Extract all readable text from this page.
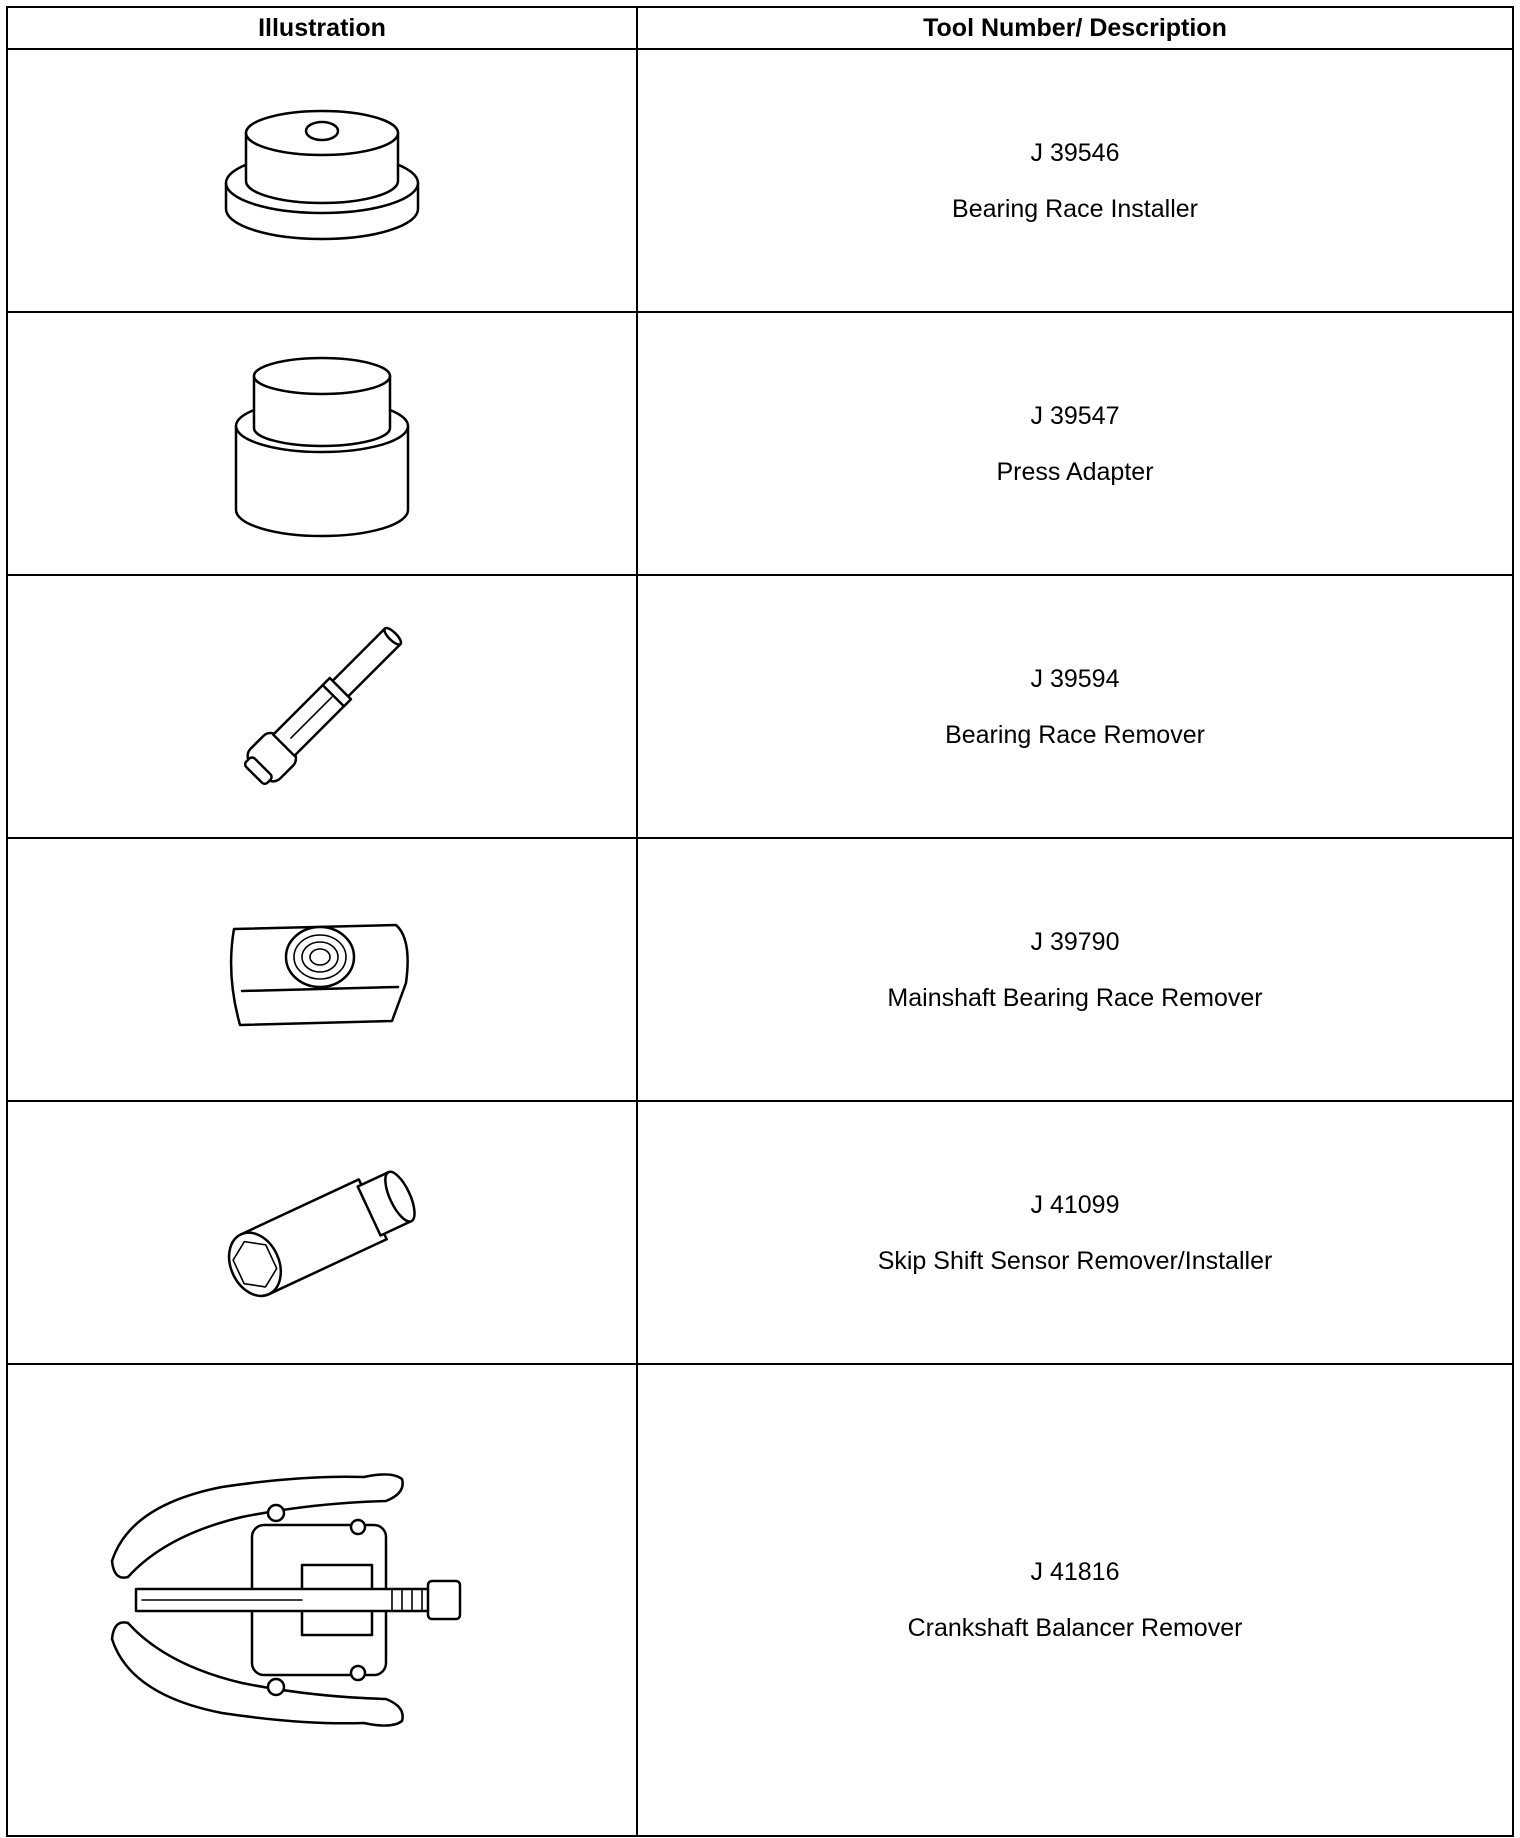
Illustration	Tool Number/ Description

J 39546
Bearing Race Installer

J 39547
Press Adapter

J 39594
Bearing Race Remover

J 39790
Mainshaft Bearing Race Remover

J 41099
Skip Shift Sensor Remover/Installer

J 41816
Crankshaft Balancer Remover
